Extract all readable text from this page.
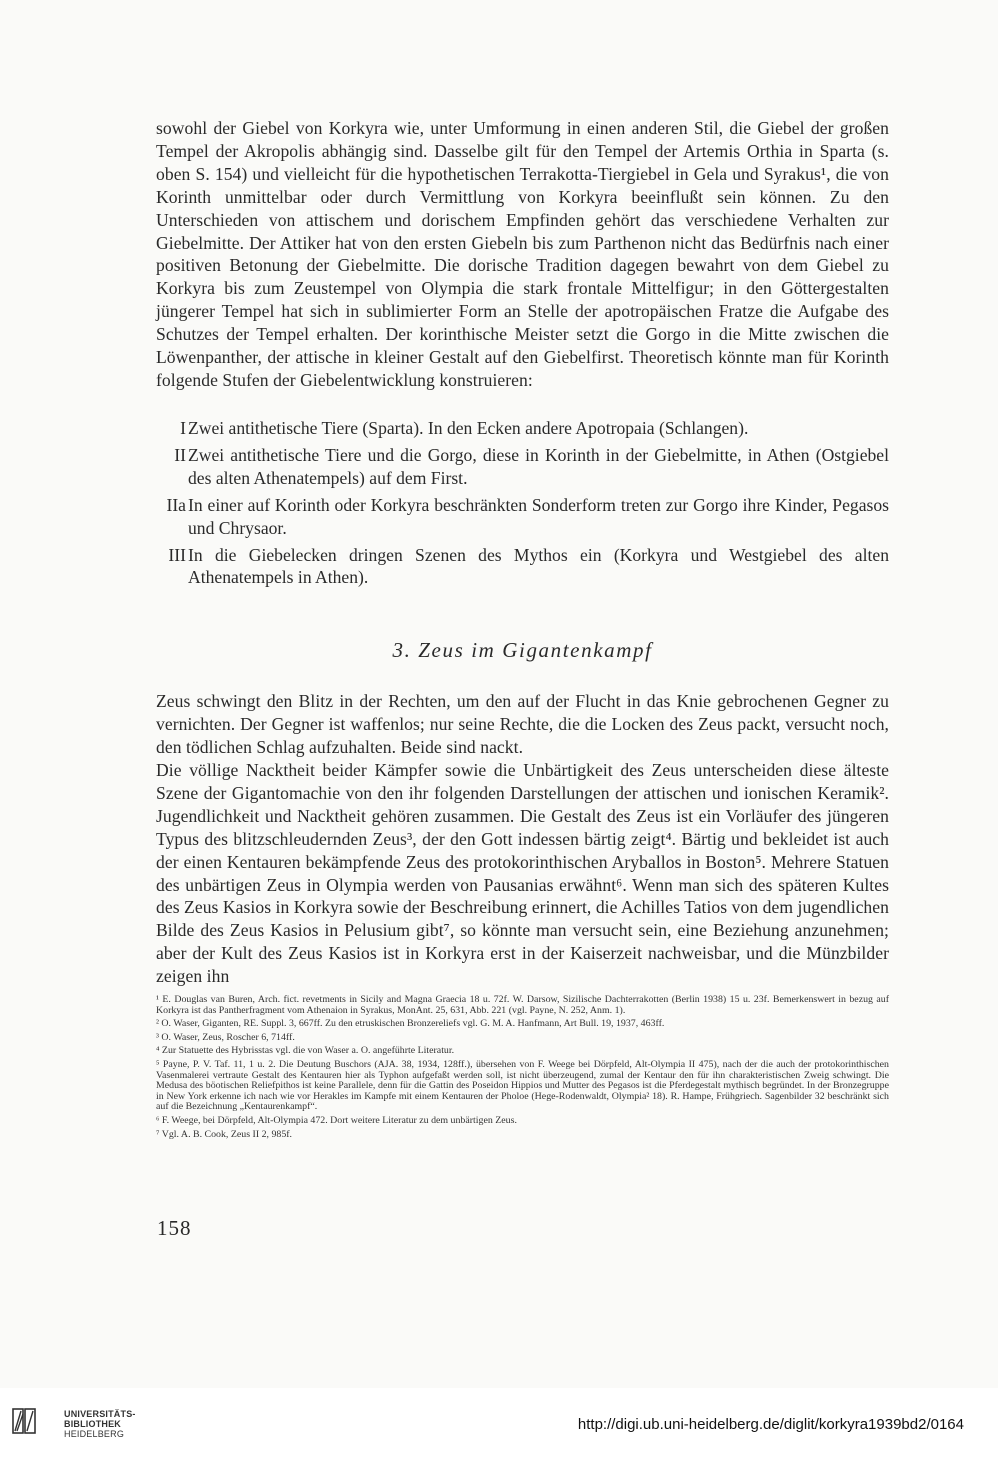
sowohl der Giebel von Korkyra wie, unter Umformung in einen anderen Stil, die Giebel der großen Tempel der Akropolis abhängig sind. Dasselbe gilt für den Tempel der Artemis Orthia in Sparta (s. oben S. 154) und vielleicht für die hypothetischen Terrakotta-Tiergiebel in Gela und Syrakus¹, die von Korinth unmittelbar oder durch Vermittlung von Korkyra beeinflußt sein können. Zu den Unterschieden von attischem und dorischem Empfinden gehört das verschiedene Verhalten zur Giebelmitte. Der Attiker hat von den ersten Giebeln bis zum Parthenon nicht das Bedürfnis nach einer positiven Betonung der Giebelmitte. Die dorische Tradition dagegen bewahrt von dem Giebel zu Korkyra bis zum Zeustempel von Olympia die stark frontale Mittelfigur; in den Göttergestalten jüngerer Tempel hat sich in sublimierter Form an Stelle der apotropäischen Fratze die Aufgabe des Schutzes der Tempel erhalten. Der korinthische Meister setzt die Gorgo in die Mitte zwischen die Löwenpanther, der attische in kleiner Gestalt auf den Giebelfirst. Theoretisch könnte man für Korinth folgende Stufen der Giebelentwicklung konstruieren:

I Zwei antithetische Tiere (Sparta). In den Ecken andere Apotropaia (Schlangen).
II Zwei antithetische Tiere und die Gorgo, diese in Korinth in der Giebelmitte, in Athen (Ostgiebel des alten Athenatempels) auf dem First.
IIa In einer auf Korinth oder Korkyra beschränkten Sonderform treten zur Gorgo ihre Kinder, Pegasos und Chrysaor.
III In die Giebelecken dringen Szenen des Mythos ein (Korkyra und Westgiebel des alten Athenatempels in Athen).
3. Zeus im Gigantenkampf

Zeus schwingt den Blitz in der Rechten, um den auf der Flucht in das Knie gebrochenen Gegner zu vernichten. Der Gegner ist waffenlos; nur seine Rechte, die die Locken des Zeus packt, versucht noch, den tödlichen Schlag aufzuhalten. Beide sind nackt.

Die völlige Nacktheit beider Kämpfer sowie die Unbärtigkeit des Zeus unterscheiden diese älteste Szene der Gigantomachie von den ihr folgenden Darstellungen der attischen und ionischen Keramik². Jugendlichkeit und Nacktheit gehören zusammen. Die Gestalt des Zeus ist ein Vorläufer des jüngeren Typus des blitzschleudernden Zeus³, der den Gott indessen bärtig zeigt⁴. Bärtig und bekleidet ist auch der einen Kentauren bekämpfende Zeus des protokorinthischen Aryballos in Boston⁵. Mehrere Statuen des unbärtigen Zeus in Olympia werden von Pausanias erwähnt⁶. Wenn man sich des späteren Kultes des Zeus Kasios in Korkyra sowie der Beschreibung erinnert, die Achilles Tatios von dem jugendlichen Bilde des Zeus Kasios in Pelusium gibt⁷, so könnte man versucht sein, eine Beziehung anzunehmen; aber der Kult des Zeus Kasios ist in Korkyra erst in der Kaiserzeit nachweisbar, und die Münzbilder zeigen ihn

¹ E. Douglas van Buren, Arch. fict. revetments in Sicily and Magna Graecia 18 u. 72f. W. Darsow, Sizilische Dachterrakotten (Berlin 1938) 15 u. 23f. Bemerkenswert in bezug auf Korkyra ist das Pantherfragment vom Athenaion in Syrakus, MonAnt. 25, 631, Abb. 221 (vgl. Payne, N. 252, Anm. 1).

² O. Waser, Giganten, RE. Suppl. 3, 667ff. Zu den etruskischen Bronzereliefs vgl. G. M. A. Hanfmann, Art Bull. 19, 1937, 463ff.

³ O. Waser, Zeus, Roscher 6, 714ff.

⁴ Zur Statuette des Hybrisstas vgl. die von Waser a. O. angeführte Literatur.

⁵ Payne, P. V. Taf. 11, 1 u. 2. Die Deutung Buschors (AJA. 38, 1934, 128ff.), übersehen von F. Weege bei Dörpfeld, Alt-Olympia II 475), nach der die auch der protokorinthischen Vasenmalerei vertraute Gestalt des Kentauren hier als Typhon aufgefaßt werden soll, ist nicht überzeugend, zumal der Kentaur den für ihn charakteristischen Zweig schwingt. Die Medusa des böotischen Reliefpithos ist keine Parallele, denn für die Gattin des Poseidon Hippios und Mutter des Pegasos ist die Pferdegestalt mythisch begründet. In der Bronzegruppe in New York erkenne ich nach wie vor Herakles im Kampfe mit einem Kentauren der Pholoe (Hege-Rodenwaldt, Olympia² 18). R. Hampe, Frühgriech. Sagenbilder 32 beschränkt sich auf die Bezeichnung „Kentaurenkampf“.

⁶ F. Weege, bei Dörpfeld, Alt-Olympia 472. Dort weitere Literatur zu dem unbärtigen Zeus.

⁷ Vgl. A. B. Cook, Zeus II 2, 985f.

158
UNIVERSITÄTS-
BIBLIOTHEK
HEIDELBERG
http://digi.ub.uni-heidelberg.de/diglit/korkyra1939bd2/0164
